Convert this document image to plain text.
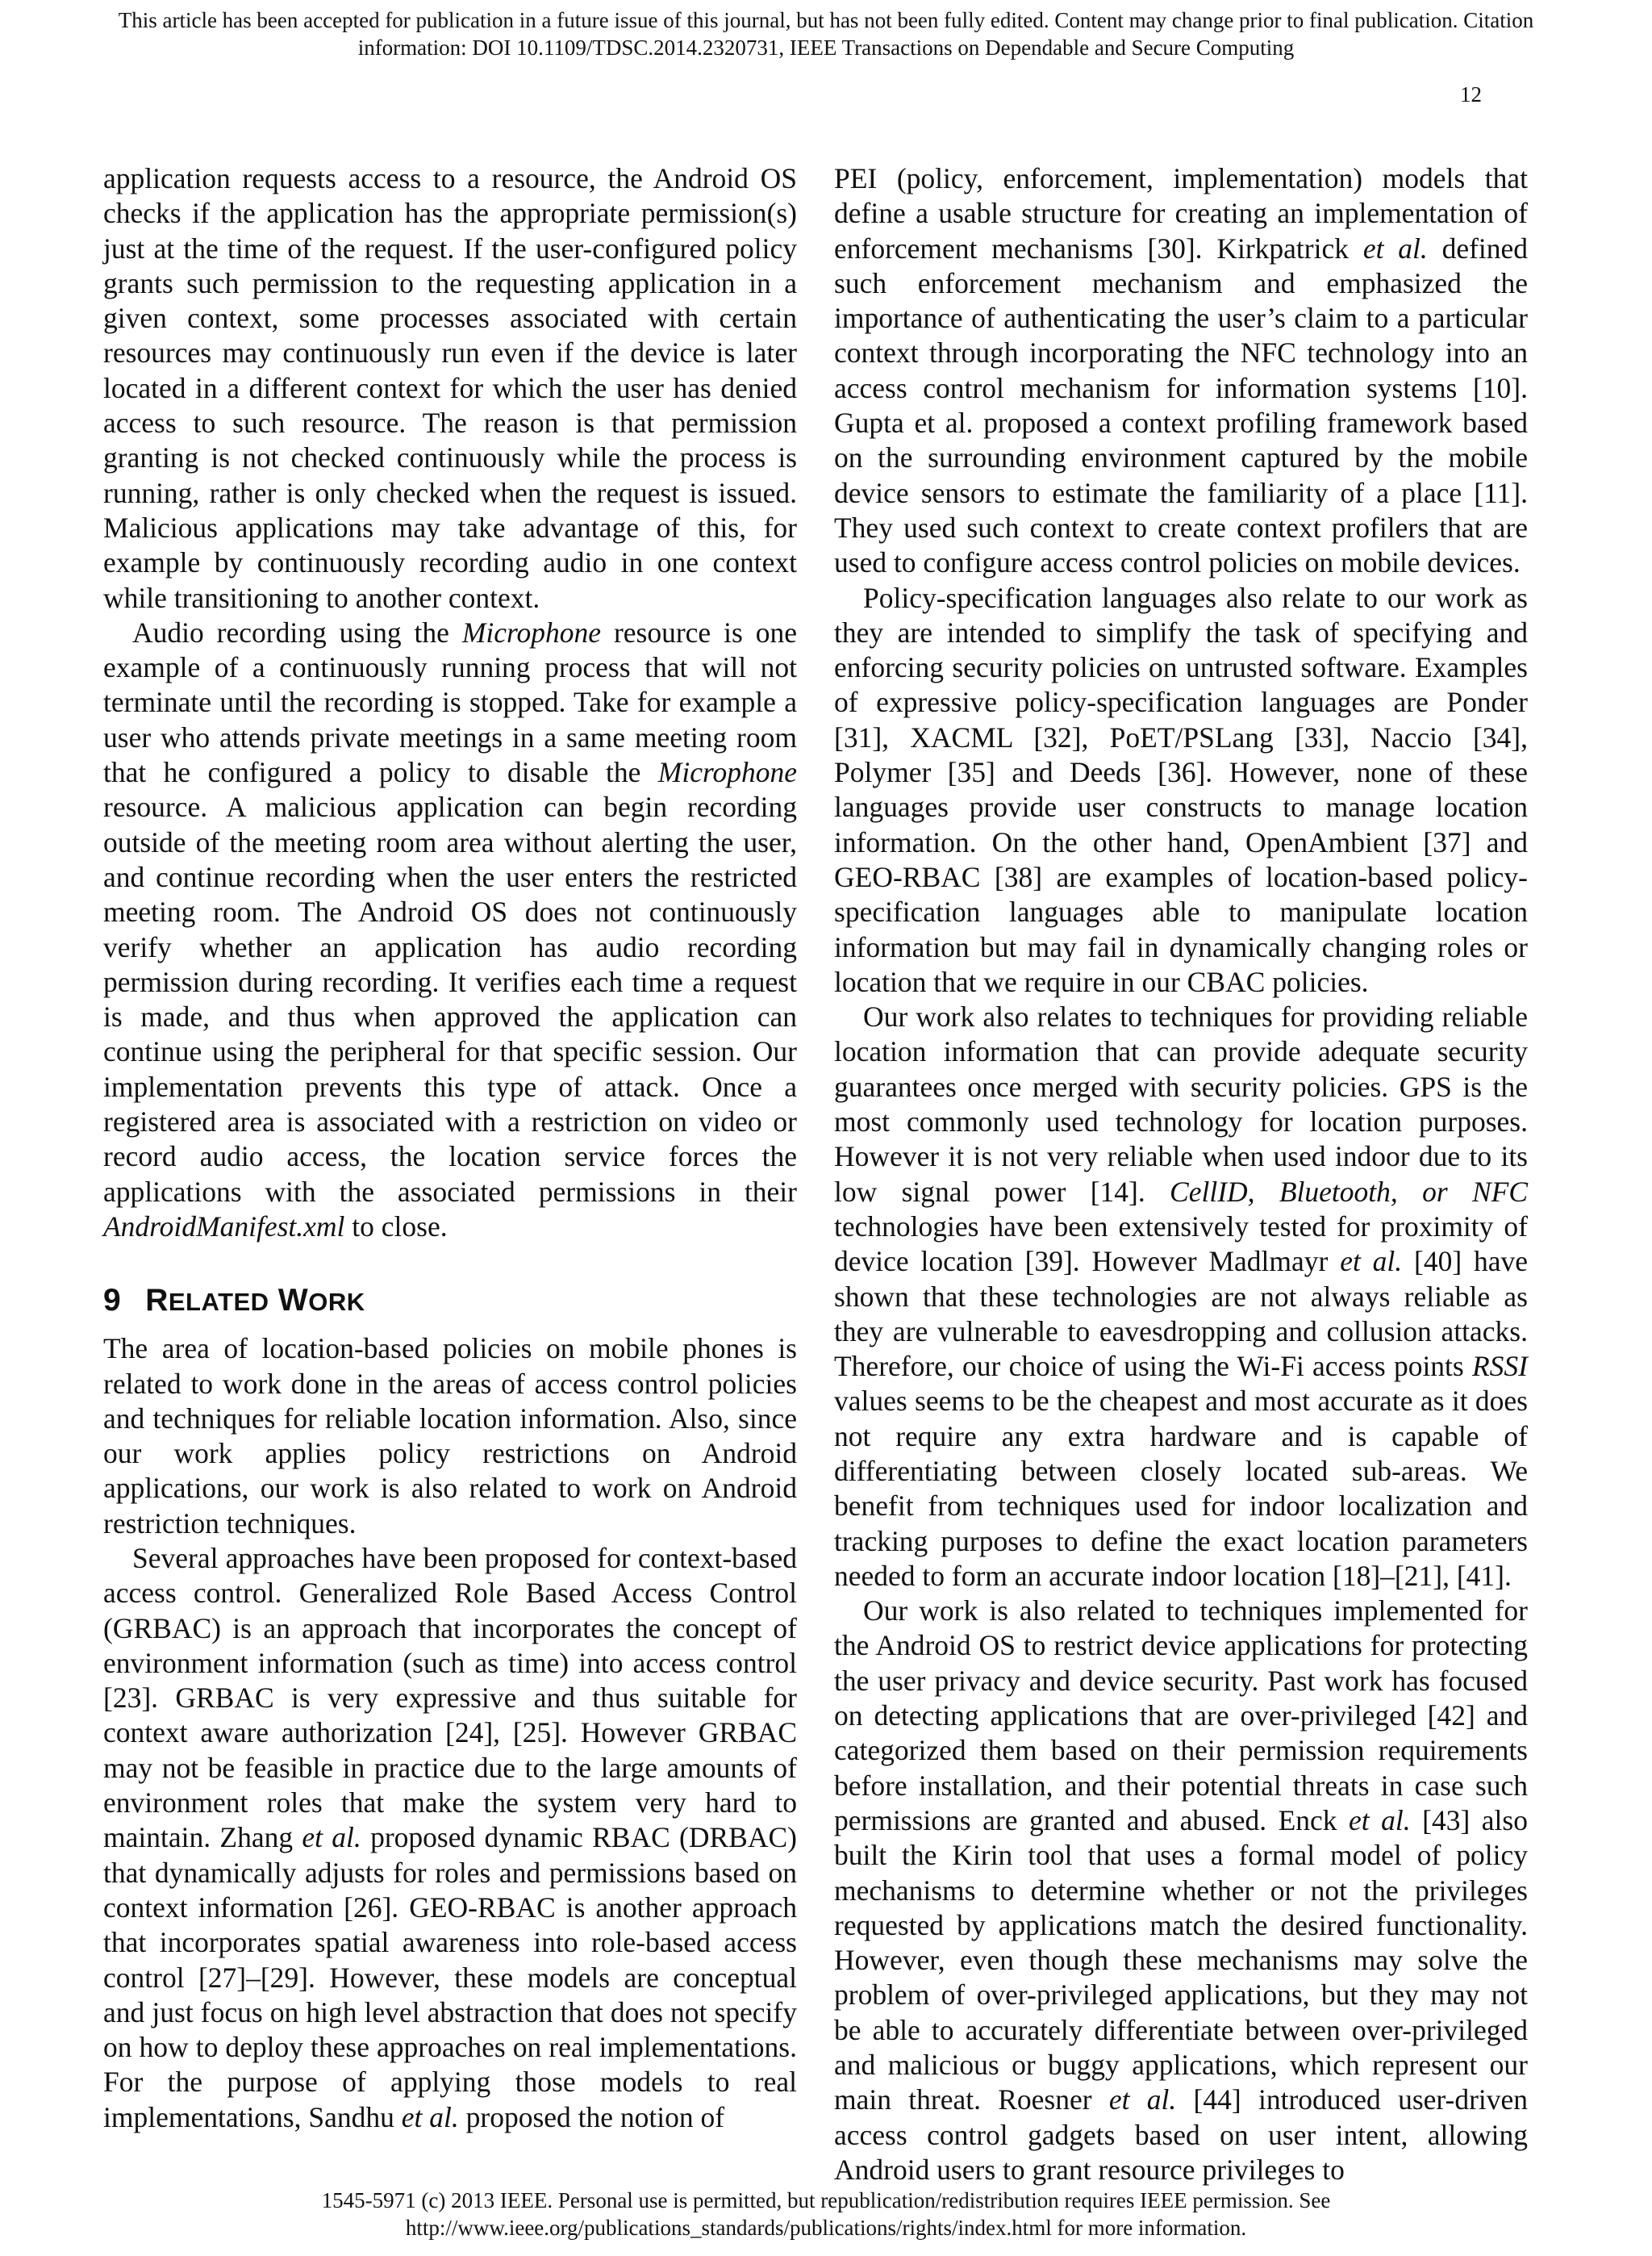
This article has been accepted for publication in a future issue of this journal, but has not been fully edited. Content may change prior to final publication. Citation
information: DOI 10.1109/TDSC.2014.2320731, IEEE Transactions on Dependable and Secure Computing
12

application requests access to a resource, the Android OS checks if the application has the appropriate permission(s) just at the time of the request. If the user-configured policy grants such permission to the requesting application in a given context, some processes associated with certain resources may continuously run even if the device is later located in a different context for which the user has denied access to such resource. The reason is that permission granting is not checked continuously while the process is running, rather is only checked when the request is issued. Malicious applications may take advantage of this, for example by continuously recording audio in one context while transitioning to another context.

Audio recording using the Microphone resource is one example of a continuously running process that will not terminate until the recording is stopped. Take for example a user who attends private meetings in a same meeting room that he configured a policy to disable the Microphone resource. A malicious application can begin recording outside of the meeting room area without alerting the user, and continue recording when the user enters the restricted meeting room. The Android OS does not continuously verify whether an application has audio recording permission during recording. It verifies each time a request is made, and thus when approved the application can continue using the peripheral for that specific session. Our implementation prevents this type of attack. Once a registered area is associated with a restriction on video or record audio access, the location service forces the applications with the associated permissions in their AndroidManifest.xml to close.

9 RELATED WORK

The area of location-based policies on mobile phones is related to work done in the areas of access control policies and techniques for reliable location information. Also, since our work applies policy restrictions on Android applications, our work is also related to work on Android restriction techniques.

Several approaches have been proposed for context-based access control. Generalized Role Based Access Control (GRBAC) is an approach that incorporates the concept of environment information (such as time) into access control [23]. GRBAC is very expressive and thus suitable for context aware authorization [24], [25]. However GRBAC may not be feasible in practice due to the large amounts of environment roles that make the system very hard to maintain. Zhang et al. proposed dynamic RBAC (DRBAC) that dynamically adjusts for roles and permissions based on context information [26]. GEO-RBAC is another approach that incorporates spatial awareness into role-based access control [27]–[29]. However, these models are conceptual and just focus on high level abstraction that does not specify on how to deploy these approaches on real implementations. For the purpose of applying those models to real implementations, Sandhu et al. proposed the notion of

PEI (policy, enforcement, implementation) models that define a usable structure for creating an implementation of enforcement mechanisms [30]. Kirkpatrick et al. defined such enforcement mechanism and emphasized the importance of authenticating the user’s claim to a particular context through incorporating the NFC technology into an access control mechanism for information systems [10]. Gupta et al. proposed a context profiling framework based on the surrounding environment captured by the mobile device sensors to estimate the familiarity of a place [11]. They used such context to create context profilers that are used to configure access control policies on mobile devices.

Policy-specification languages also relate to our work as they are intended to simplify the task of specifying and enforcing security policies on untrusted software. Examples of expressive policy-specification languages are Ponder [31], XACML [32], PoET/PSLang [33], Naccio [34], Polymer [35] and Deeds [36]. However, none of these languages provide user constructs to manage location information. On the other hand, OpenAmbient [37] and GEO-RBAC [38] are examples of location-based policy-specification languages able to manipulate location information but may fail in dynamically changing roles or location that we require in our CBAC policies.

Our work also relates to techniques for providing reliable location information that can provide adequate security guarantees once merged with security policies. GPS is the most commonly used technology for location purposes. However it is not very reliable when used indoor due to its low signal power [14]. CellID, Bluetooth, or NFC technologies have been extensively tested for proximity of device location [39]. However Madlmayr et al. [40] have shown that these technologies are not always reliable as they are vulnerable to eavesdropping and collusion attacks. Therefore, our choice of using the Wi-Fi access points RSSI values seems to be the cheapest and most accurate as it does not require any extra hardware and is capable of differentiating between closely located sub-areas. We benefit from techniques used for indoor localization and tracking purposes to define the exact location parameters needed to form an accurate indoor location [18]–[21], [41].

Our work is also related to techniques implemented for the Android OS to restrict device applications for protecting the user privacy and device security. Past work has focused on detecting applications that are over-privileged [42] and categorized them based on their permission requirements before installation, and their potential threats in case such permissions are granted and abused. Enck et al. [43] also built the Kirin tool that uses a formal model of policy mechanisms to determine whether or not the privileges requested by applications match the desired functionality. However, even though these mechanisms may solve the problem of over-privileged applications, but they may not be able to accurately differentiate between over-privileged and malicious or buggy applications, which represent our main threat. Roesner et al. [44] introduced user-driven access control gadgets based on user intent, allowing Android users to grant resource privileges to

1545-5971 (c) 2013 IEEE. Personal use is permitted, but republication/redistribution requires IEEE permission. See
http://www.ieee.org/publications_standards/publications/rights/index.html for more information.
